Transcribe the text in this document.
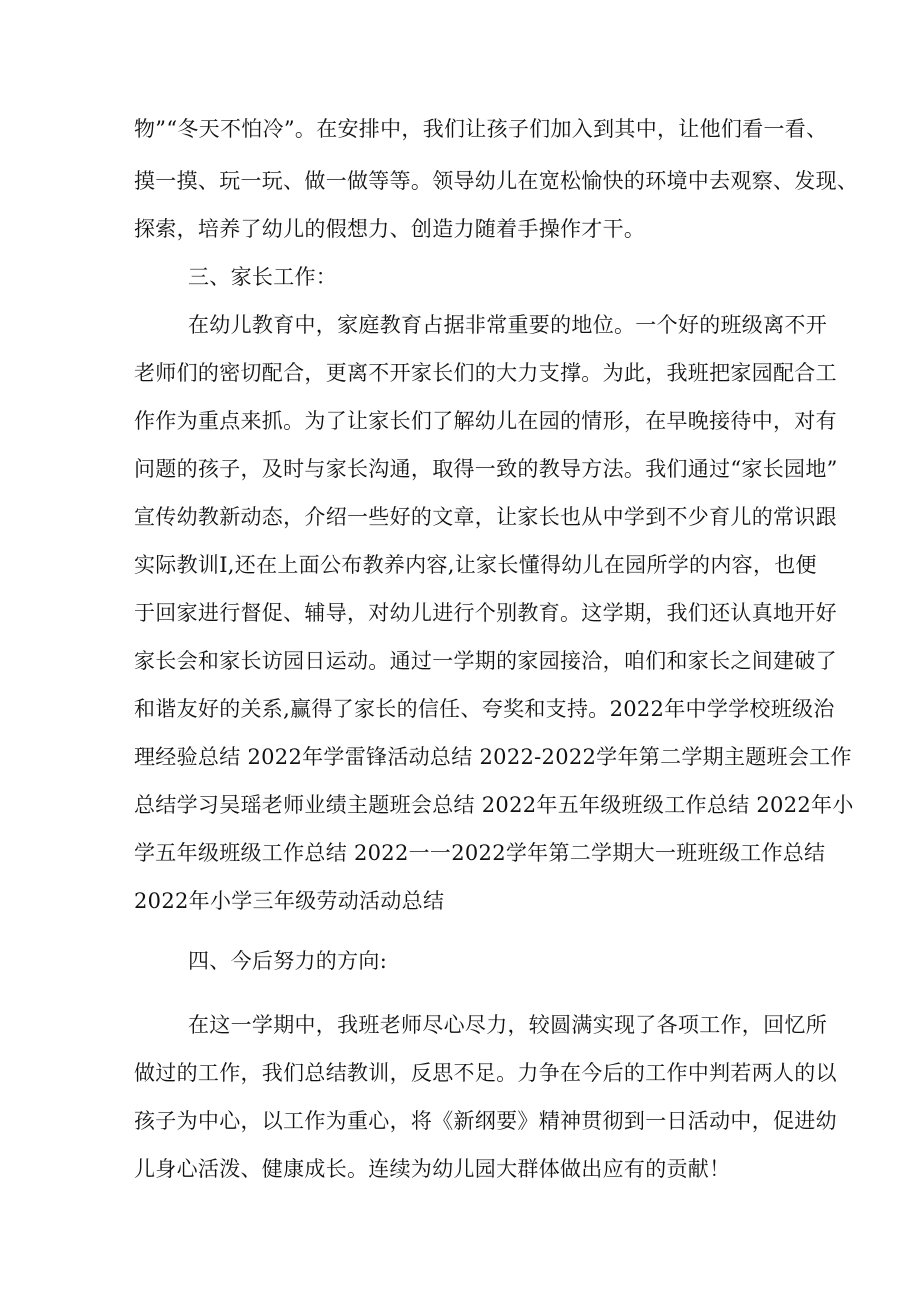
物”“冬天不怕冷”。在安排中，我们让孩子们加入到其中，让他们看一看、
摸一摸、玩一玩、做一做等等。领导幼儿在宽松愉快的环境中去观察、发现、
探索，培养了幼儿的假想力、创造力随着手操作才干。
三、家长工作：
在幼儿教育中，家庭教育占据非常重要的地位。一个好的班级离不开
老师们的密切配合，更离不开家长们的大力支撑。为此，我班把家园配合工
作作为重点来抓。为了让家长们了解幼儿在园的情形，在早晚接待中，对有
问题的孩子，及时与家长沟通，取得一致的教导方法。我们通过“家长园地”
宣传幼教新动态，介绍一些好的文章，让家长也从中学到不少育儿的常识跟
实际教训I,还在上面公布教养内容,让家长懂得幼儿在园所学的内容，也便
于回家进行督促、辅导，对幼儿进行个别教育。这学期，我们还认真地开好
家长会和家长访园日运动。通过一学期的家园接洽，咱们和家长之间建破了
和谐友好的关系,赢得了家长的信任、夸奖和支持。2022年中学学校班级治
理经验总结 2022年学雷锋活动总结 2022-2022学年第二学期主题班会工作
总结学习吴瑶老师业绩主题班会总结 2022年五年级班级工作总结 2022年小
学五年级班级工作总结 2022一一2022学年第二学期大一班班级工作总结
2022年小学三年级劳动活动总结
四、今后努力的方向:
在这一学期中，我班老师尽心尽力，较圆满实现了各项工作，回忆所
做过的工作，我们总结教训，反思不足。力争在今后的工作中判若两人的以
孩子为中心，以工作为重心，将《新纲要》精神贯彻到一日活动中，促进幼
儿身心活泼、健康成长。连续为幼儿园大群体做出应有的贡献！
